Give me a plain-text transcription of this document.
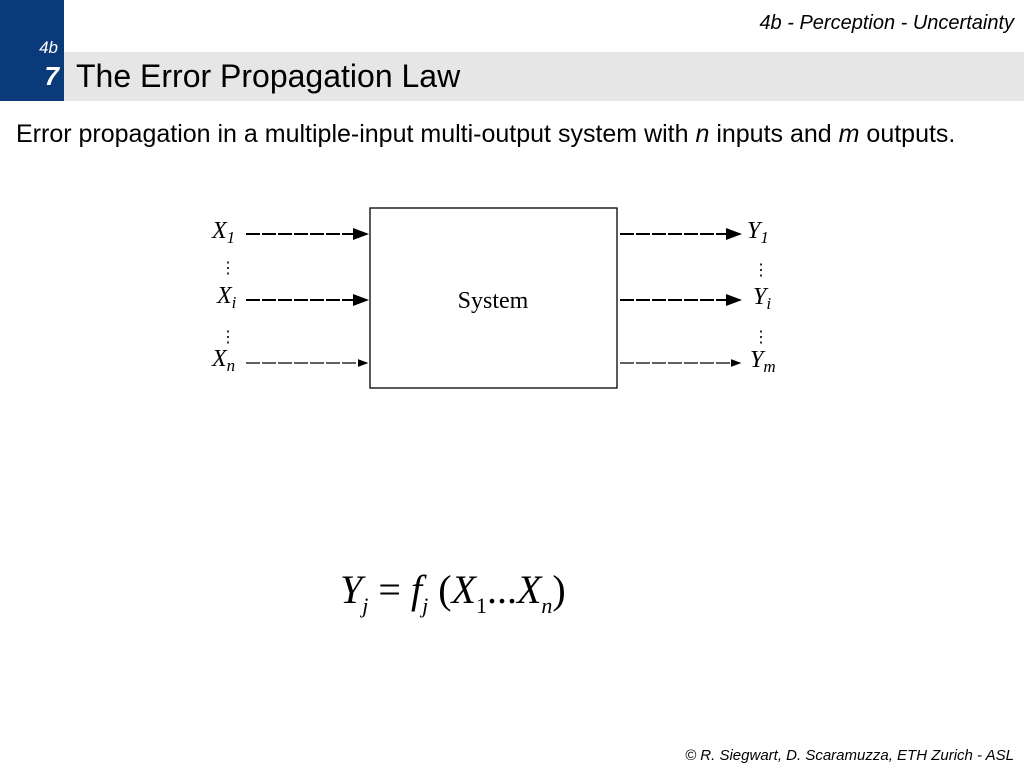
4b - Perception - Uncertainty
4b
7 The Error Propagation Law
Error propagation in a multiple-input multi-output system with n inputs and m outputs.
System
$X_1$
⋮
$X_i$
⋮
$X_n$
$Y_1$
⋮
$Y_i$
⋮
$Y_m$
$Y_j = f_j$ $(X_1...X_n)$
© R. Siegwart, D. Scaramuzza, ETH Zurich - ASL
